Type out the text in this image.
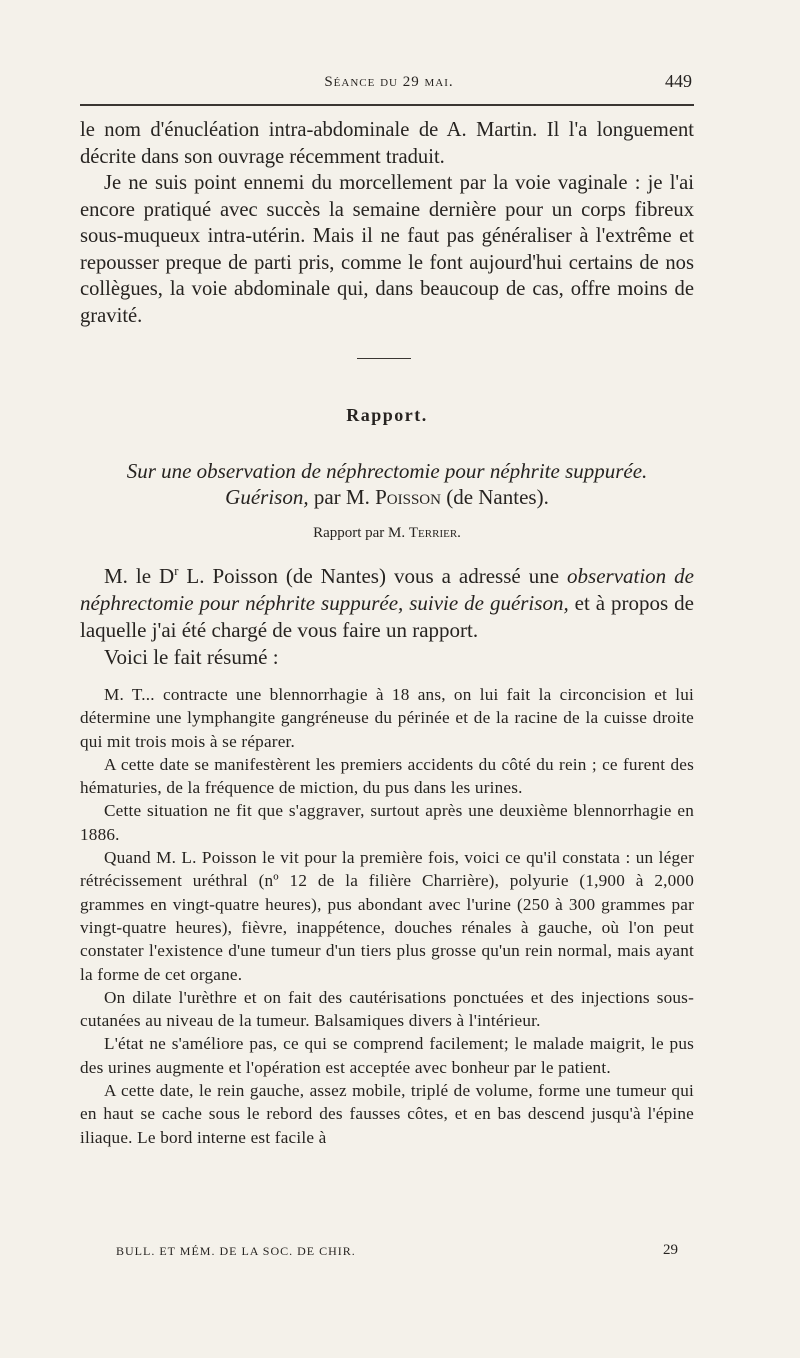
Séance du 29 mai.	449

le nom d'énucléation intra-abdominale de A. Martin. Il l'a longuement décrite dans son ouvrage récemment traduit.

Je ne suis point ennemi du morcellement par la voie vaginale : je l'ai encore pratiqué avec succès la semaine dernière pour un corps fibreux sous-muqueux intra-utérin. Mais il ne faut pas généraliser à l'extrême et repousser preque de parti pris, comme le font aujourd'hui certains de nos collègues, la voie abdominale qui, dans beaucoup de cas, offre moins de gravité.

Rapport.
Sur une observation de néphrectomie pour néphrite suppurée.
Guérison, par M. Poisson (de Nantes).
Rapport par M. Terrier.

M. le $D^r$ L. Poisson (de Nantes) vous a adressé une observation de néphrectomie pour néphrite suppurée, suivie de guérison, et à propos de laquelle j'ai été chargé de vous faire un rapport.

Voici le fait résumé :

M. T... contracte une blennorrhagie à 18 ans, on lui fait la circoncision et lui détermine une lymphangite gangréneuse du périnée et de la racine de la cuisse droite qui mit trois mois à se réparer.

A cette date se manifestèrent les premiers accidents du côté du rein ; ce furent des hématuries, de la fréquence de miction, du pus dans les urines.

Cette situation ne fit que s'aggraver, surtout après une deuxième blennorrhagie en 1886.

Quand M. L. Poisson le vit pour la première fois, voici ce qu'il constata : un léger rétrécissement uréthral (nº 12 de la filière Charrière), polyurie (1,900 à 2,000 grammes en vingt-quatre heures), pus abondant avec l'urine (250 à 300 grammes par vingt-quatre heures), fièvre, inappétence, douches rénales à gauche, où l'on peut constater l'existence d'une tumeur d'un tiers plus grosse qu'un rein normal, mais ayant la forme de cet organe.

On dilate l'urèthre et on fait des cautérisations ponctuées et des injections sous-cutanées au niveau de la tumeur. Balsamiques divers à l'intérieur.

L'état ne s'améliore pas, ce qui se comprend facilement; le malade maigrit, le pus des urines augmente et l'opération est acceptée avec bonheur par le patient.

A cette date, le rein gauche, assez mobile, triplé de volume, forme une tumeur qui en haut se cache sous le rebord des fausses côtes, et en bas descend jusqu'à l'épine iliaque. Le bord interne est facile à

BULL. ET MÉM. DE LA SOC. DE CHIR.	29
